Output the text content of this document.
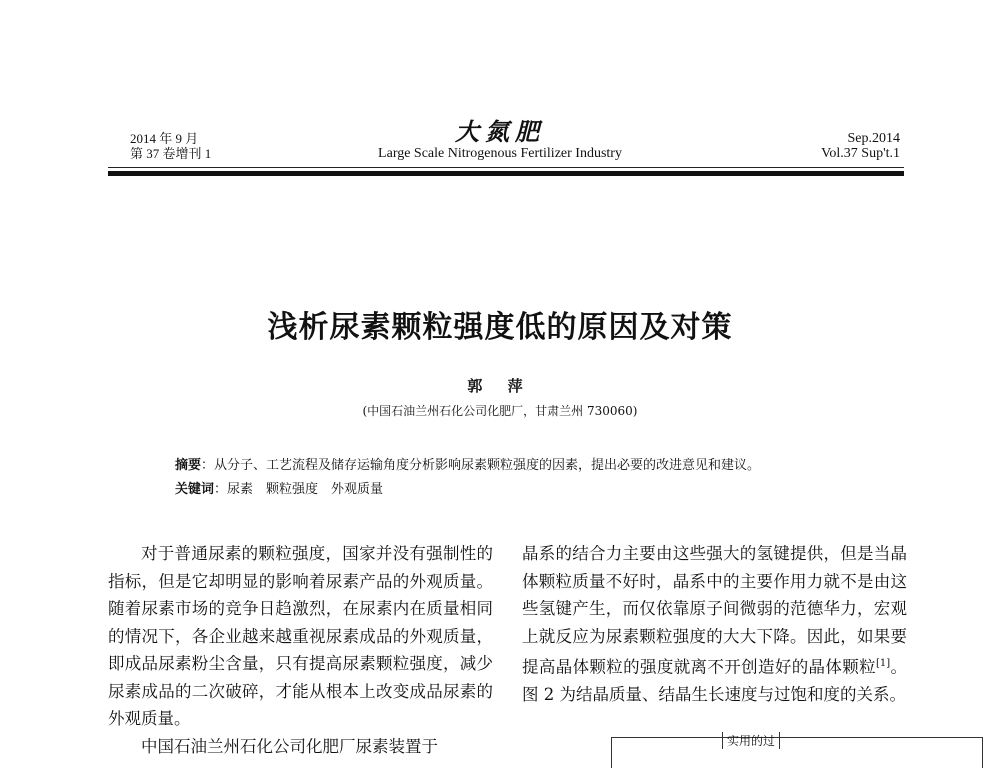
2014 年 9 月
第 37 卷增刊 1
大氮肥
Large Scale Nitrogenous Fertilizer Industry
Sep.2014
Vol.37 Sup't.1
浅析尿素颗粒强度低的原因及对策
郭 萍
(中国石油兰州石化公司化肥厂，甘肃兰州 730060)
摘要：从分子、工艺流程及储存运输角度分析影响尿素颗粒强度的因素，提出必要的改进意见和建议。
关键词：尿素　颗粒强度　外观质量

对于普通尿素的颗粒强度，国家并没有强制性的指标，但是它却明显的影响着尿素产品的外观质量。随着尿素市场的竞争日趋激烈，在尿素内在质量相同的情况下，各企业越来越重视尿素成品的外观质量，即成品尿素粉尘含量，只有提高尿素颗粒强度，减少尿素成品的二次破碎，才能从根本上改变成品尿素的外观质量。

中国石油兰州石化公司化肥厂尿素装置于

晶系的结合力主要由这些强大的氢键提供，但是当晶体颗粒质量不好时，晶系中的主要作用力就不是由这些氢键产生，而仅依靠原子间微弱的范德华力，宏观上就反应为尿素颗粒强度的大大下降。因此，如果要提高晶体颗粒的强度就离不开创造好的晶体颗粒[1]。图 2 为结晶质量、结晶生长速度与过饱和度的关系。

实用的过
